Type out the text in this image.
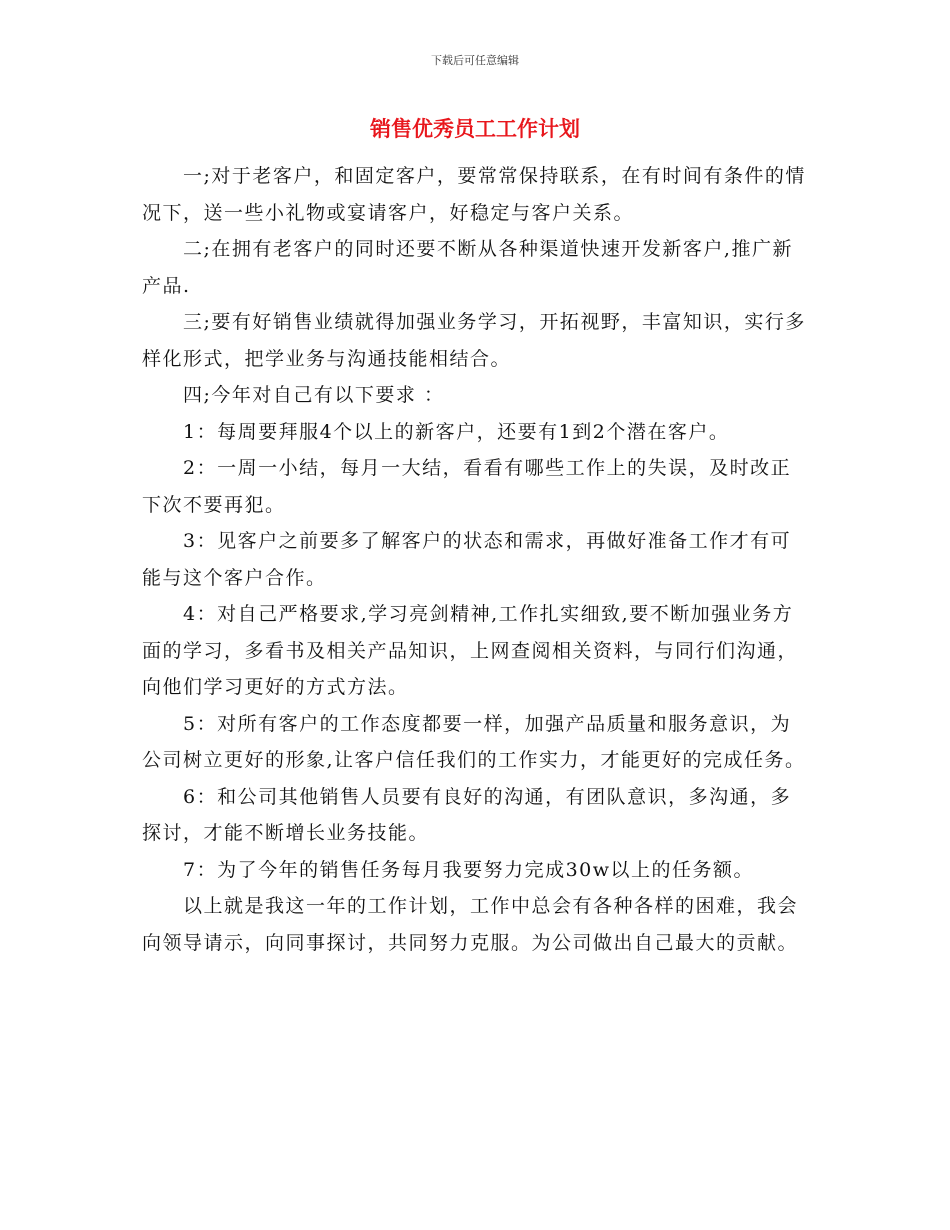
下载后可任意编辑
销售优秀员工工作计划

一;对于老客户，和固定客户，要常常保持联系，在有时间有条件的情况下，送一些小礼物或宴请客户，好稳定与客户关系。

二;在拥有老客户的同时还要不断从各种渠道快速开发新客户,推广新产品.

三;要有好销售业绩就得加强业务学习，开拓视野，丰富知识，实行多样化形式，把学业务与沟通技能相结合。

四;今年对自己有以下要求 ：

1：每周要拜服4个以上的新客户，还要有1到2个潜在客户。

2：一周一小结，每月一大结，看看有哪些工作上的失误，及时改正下次不要再犯。

3：见客户之前要多了解客户的状态和需求，再做好准备工作才有可能与这个客户合作。

4：对自己严格要求,学习亮剑精神,工作扎实细致,要不断加强业务方面的学习，多看书及相关产品知识，上网查阅相关资料，与同行们沟通，向他们学习更好的方式方法。

5：对所有客户的工作态度都要一样，加强产品质量和服务意识，为公司树立更好的形象,让客户信任我们的工作实力，才能更好的完成任务。

6：和公司其他销售人员要有良好的沟通，有团队意识，多沟通，多探讨，才能不断增长业务技能。

7：为了今年的销售任务每月我要努力完成30w以上的任务额。

以上就是我这一年的工作计划，工作中总会有各种各样的困难，我会向领导请示，向同事探讨，共同努力克服。为公司做出自己最大的贡献。
